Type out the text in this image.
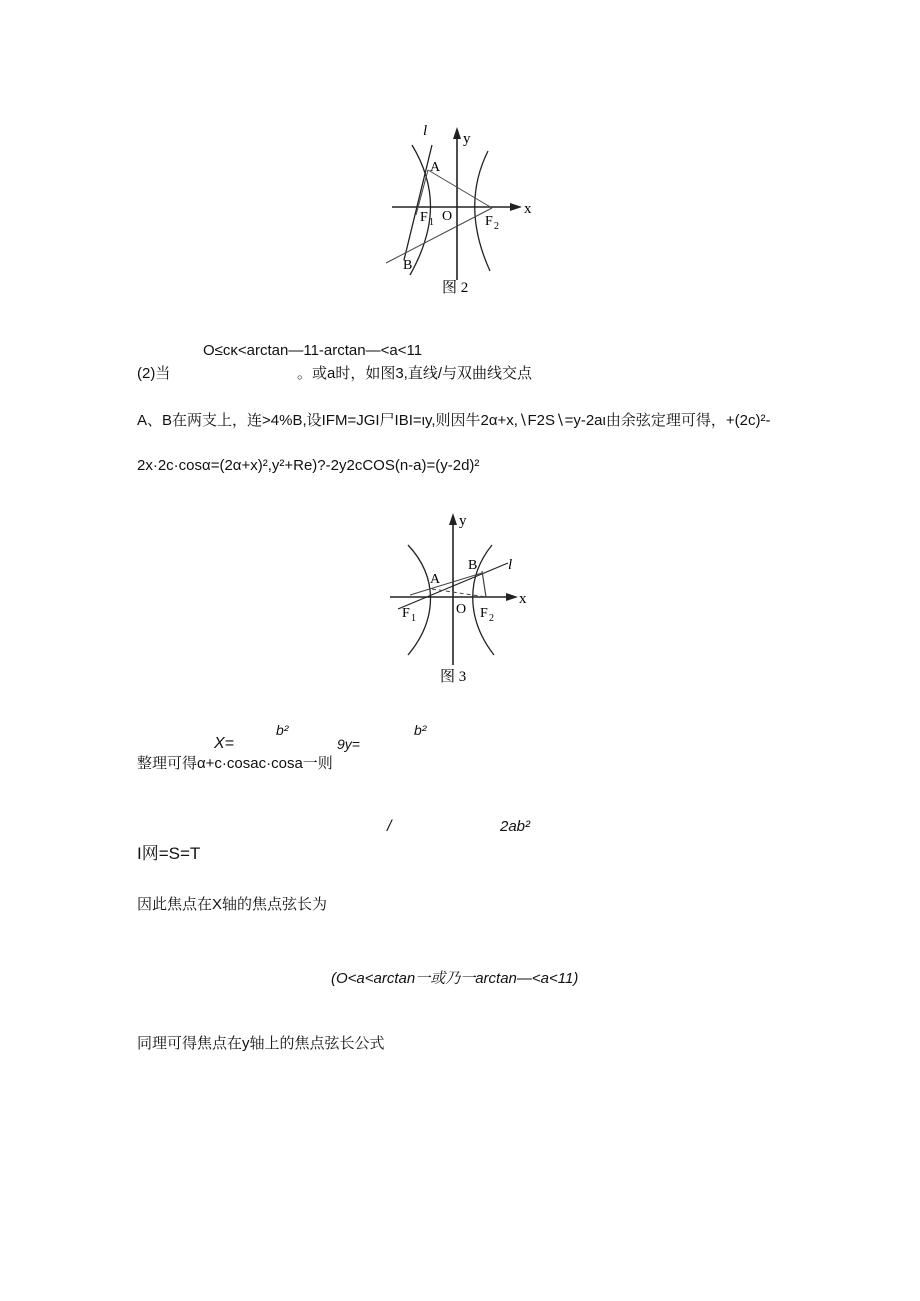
l y
x
A
O
F 1	F 2
B
图 2
O≤cκ<arctan—11-arctan—<a<11
(2)当	。或a时，如图3,直线/与双曲线交点
A、B在两支上，连>4%B,设IFM=JGI尸IBI=ιy,则因牛2α+x,∖F2S∖=y-2aι由余弦定理可得，+(2c)²-
2x·2c·cosα=(2α+x)²,y²+Re)?-2y2cCOS(n-a)=(y-2d)²
y
l
x
A
B
O
F 1	F 2
图 3
b²	b²
X=	9y=
整理可得α+c·cosac·cosa一则
/	2ab²
I网=S=T
因此焦点在X轴的焦点弦长为
(O<a<arctan一或乃一arctan—<a<11)
同理可得焦点在y轴上的焦点弦长公式
